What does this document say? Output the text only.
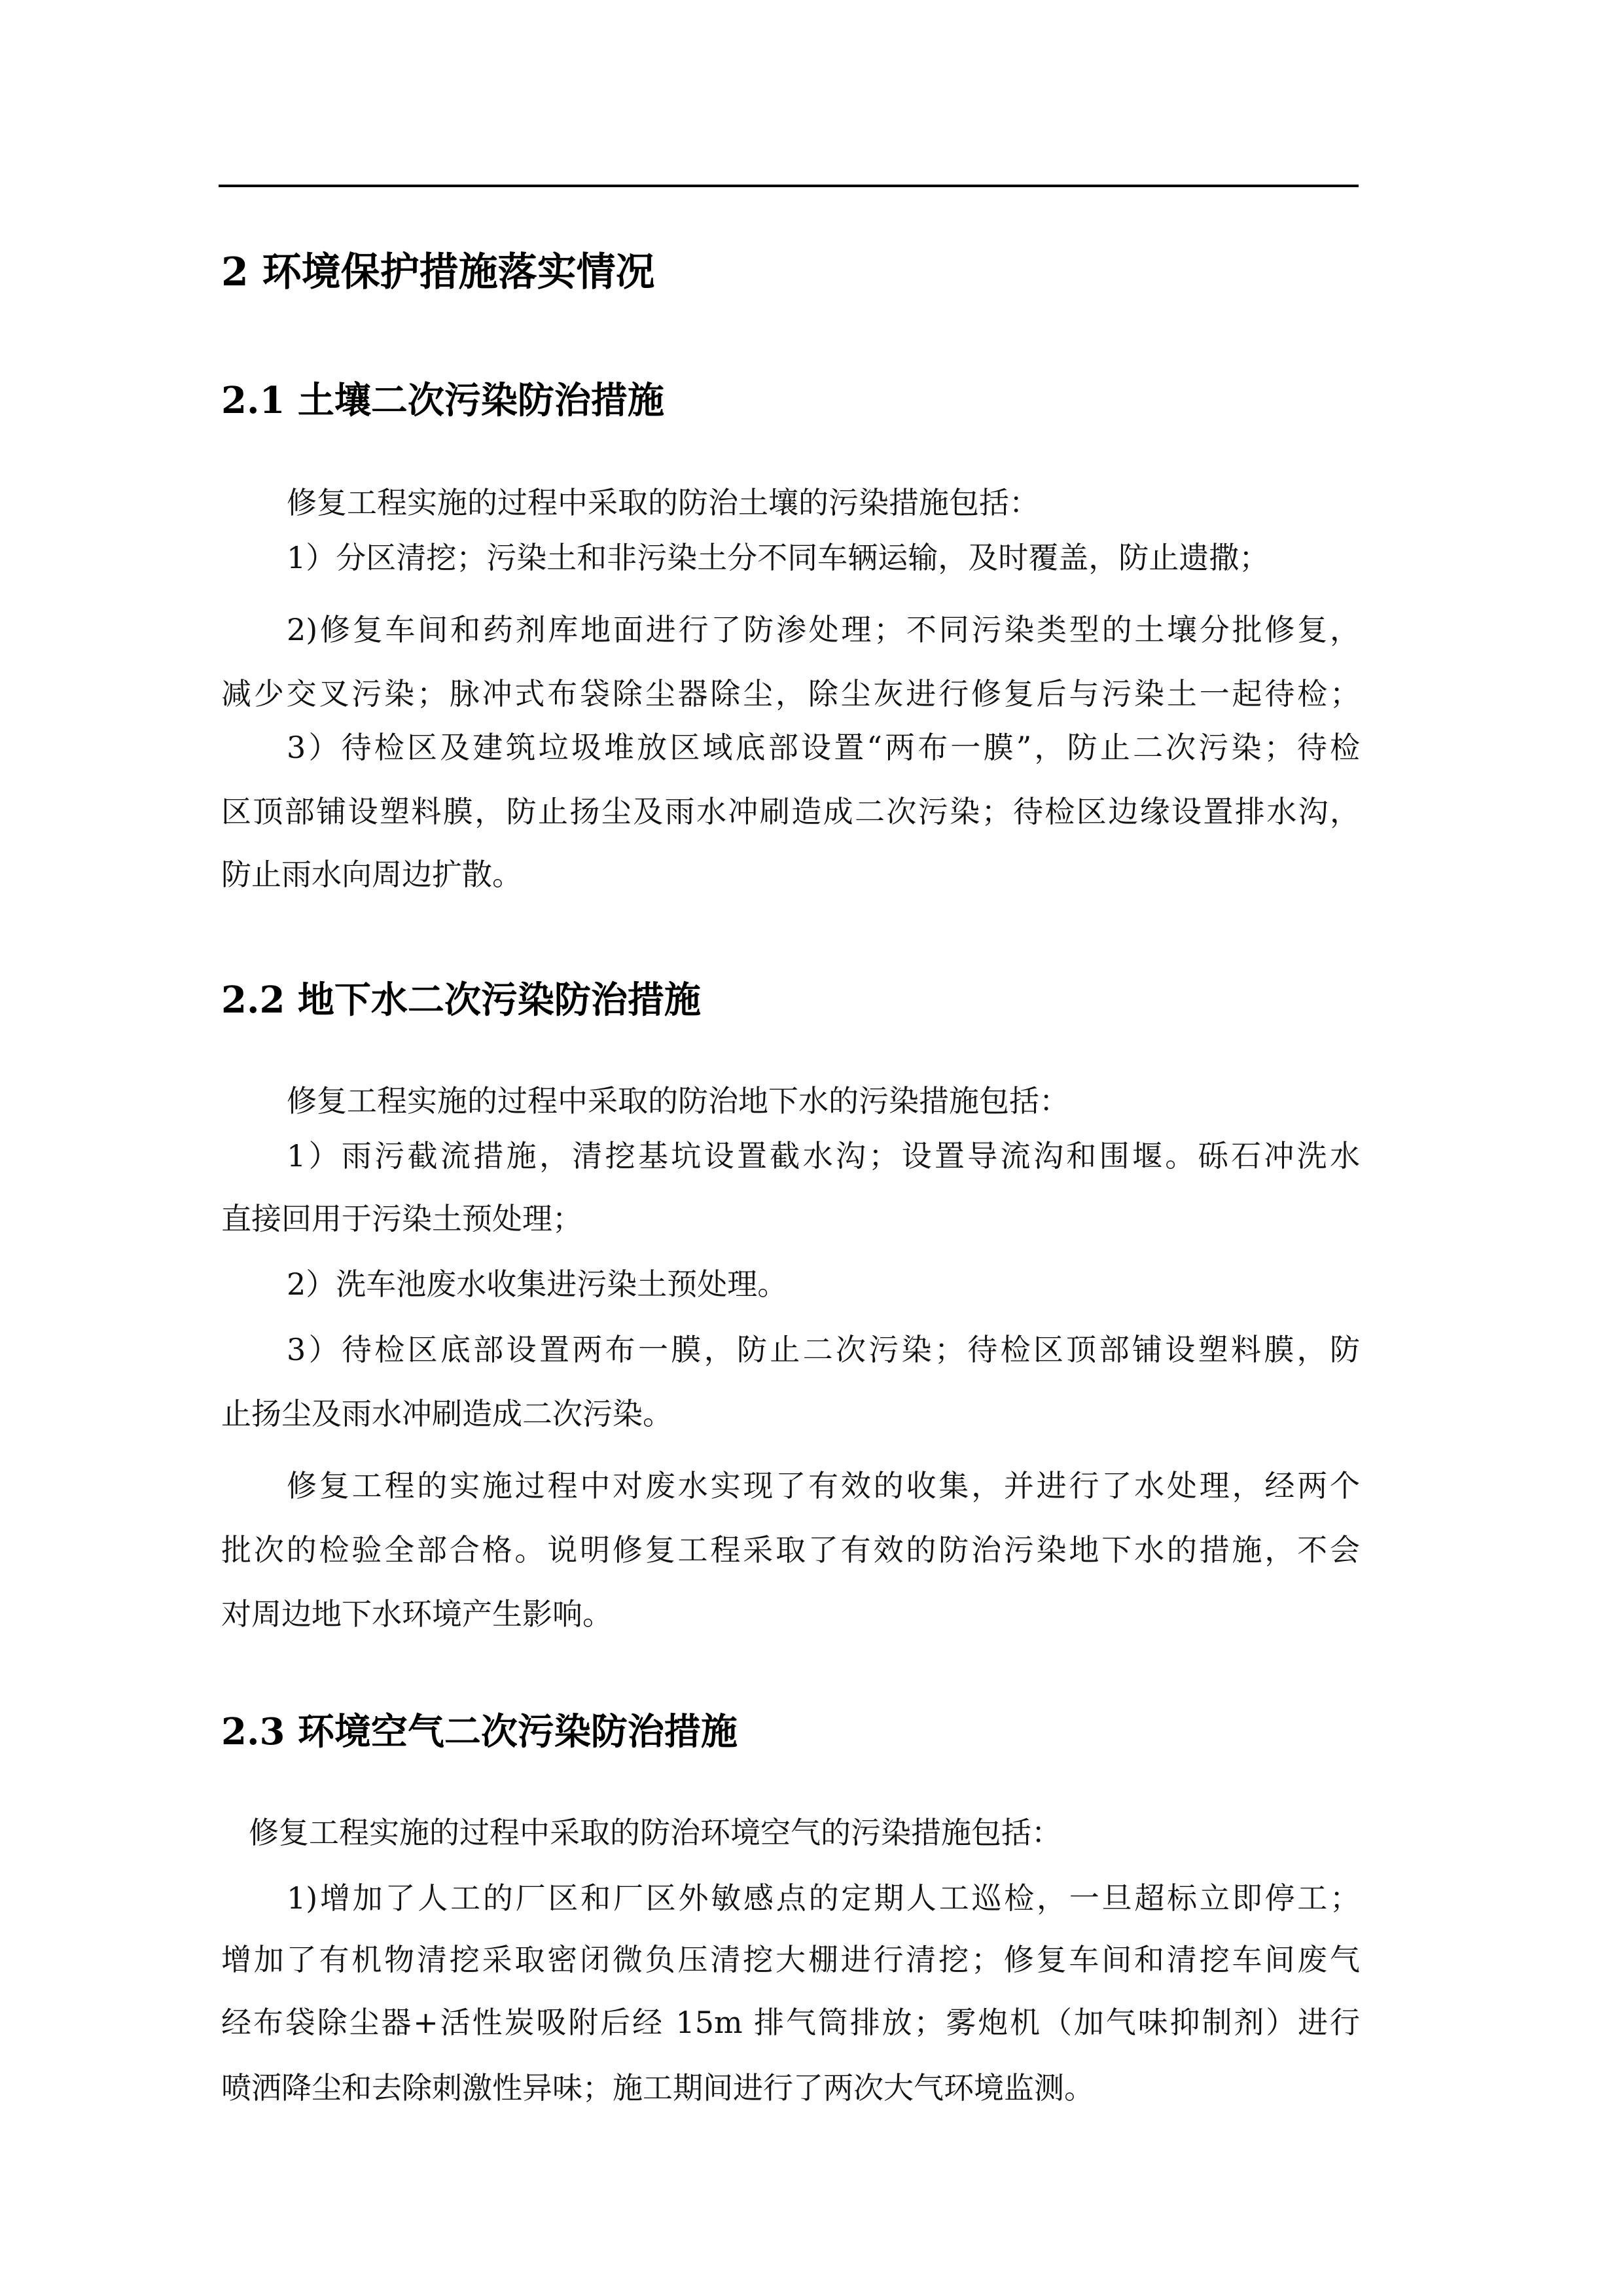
2 环境保护措施落实情况
2.1 土壤二次污染防治措施

修复工程实施的过程中采取的防治土壤的污染措施包括：

1）分区清挖；污染土和非污染土分不同车辆运输，及时覆盖，防止遗撒；

2)修复车间和药剂库地面进行了防渗处理；不同污染类型的土壤分批修复，

减少交叉污染；脉冲式布袋除尘器除尘，除尘灰进行修复后与污染土一起待检；

3）待检区及建筑垃圾堆放区域底部设置“两布一膜”，防止二次污染；待检

区顶部铺设塑料膜，防止扬尘及雨水冲刷造成二次污染；待检区边缘设置排水沟，

防止雨水向周边扩散。

2.2 地下水二次污染防治措施

修复工程实施的过程中采取的防治地下水的污染措施包括：

1）雨污截流措施，清挖基坑设置截水沟；设置导流沟和围堰。砾石冲洗水

直接回用于污染土预处理；

2）洗车池废水收集进污染土预处理。

3）待检区底部设置两布一膜，防止二次污染；待检区顶部铺设塑料膜，防

止扬尘及雨水冲刷造成二次污染。

修复工程的实施过程中对废水实现了有效的收集，并进行了水处理，经两个

批次的检验全部合格。说明修复工程采取了有效的防治污染地下水的措施，不会

对周边地下水环境产生影响。

2.3 环境空气二次污染防治措施

修复工程实施的过程中采取的防治环境空气的污染措施包括：

1)增加了人工的厂区和厂区外敏感点的定期人工巡检，一旦超标立即停工；

增加了有机物清挖采取密闭微负压清挖大棚进行清挖；修复车间和清挖车间废气

经布袋除尘器+活性炭吸附后经 15m 排气筒排放；雾炮机（加气味抑制剂）进行

喷洒降尘和去除刺激性异味；施工期间进行了两次大气环境监测。
